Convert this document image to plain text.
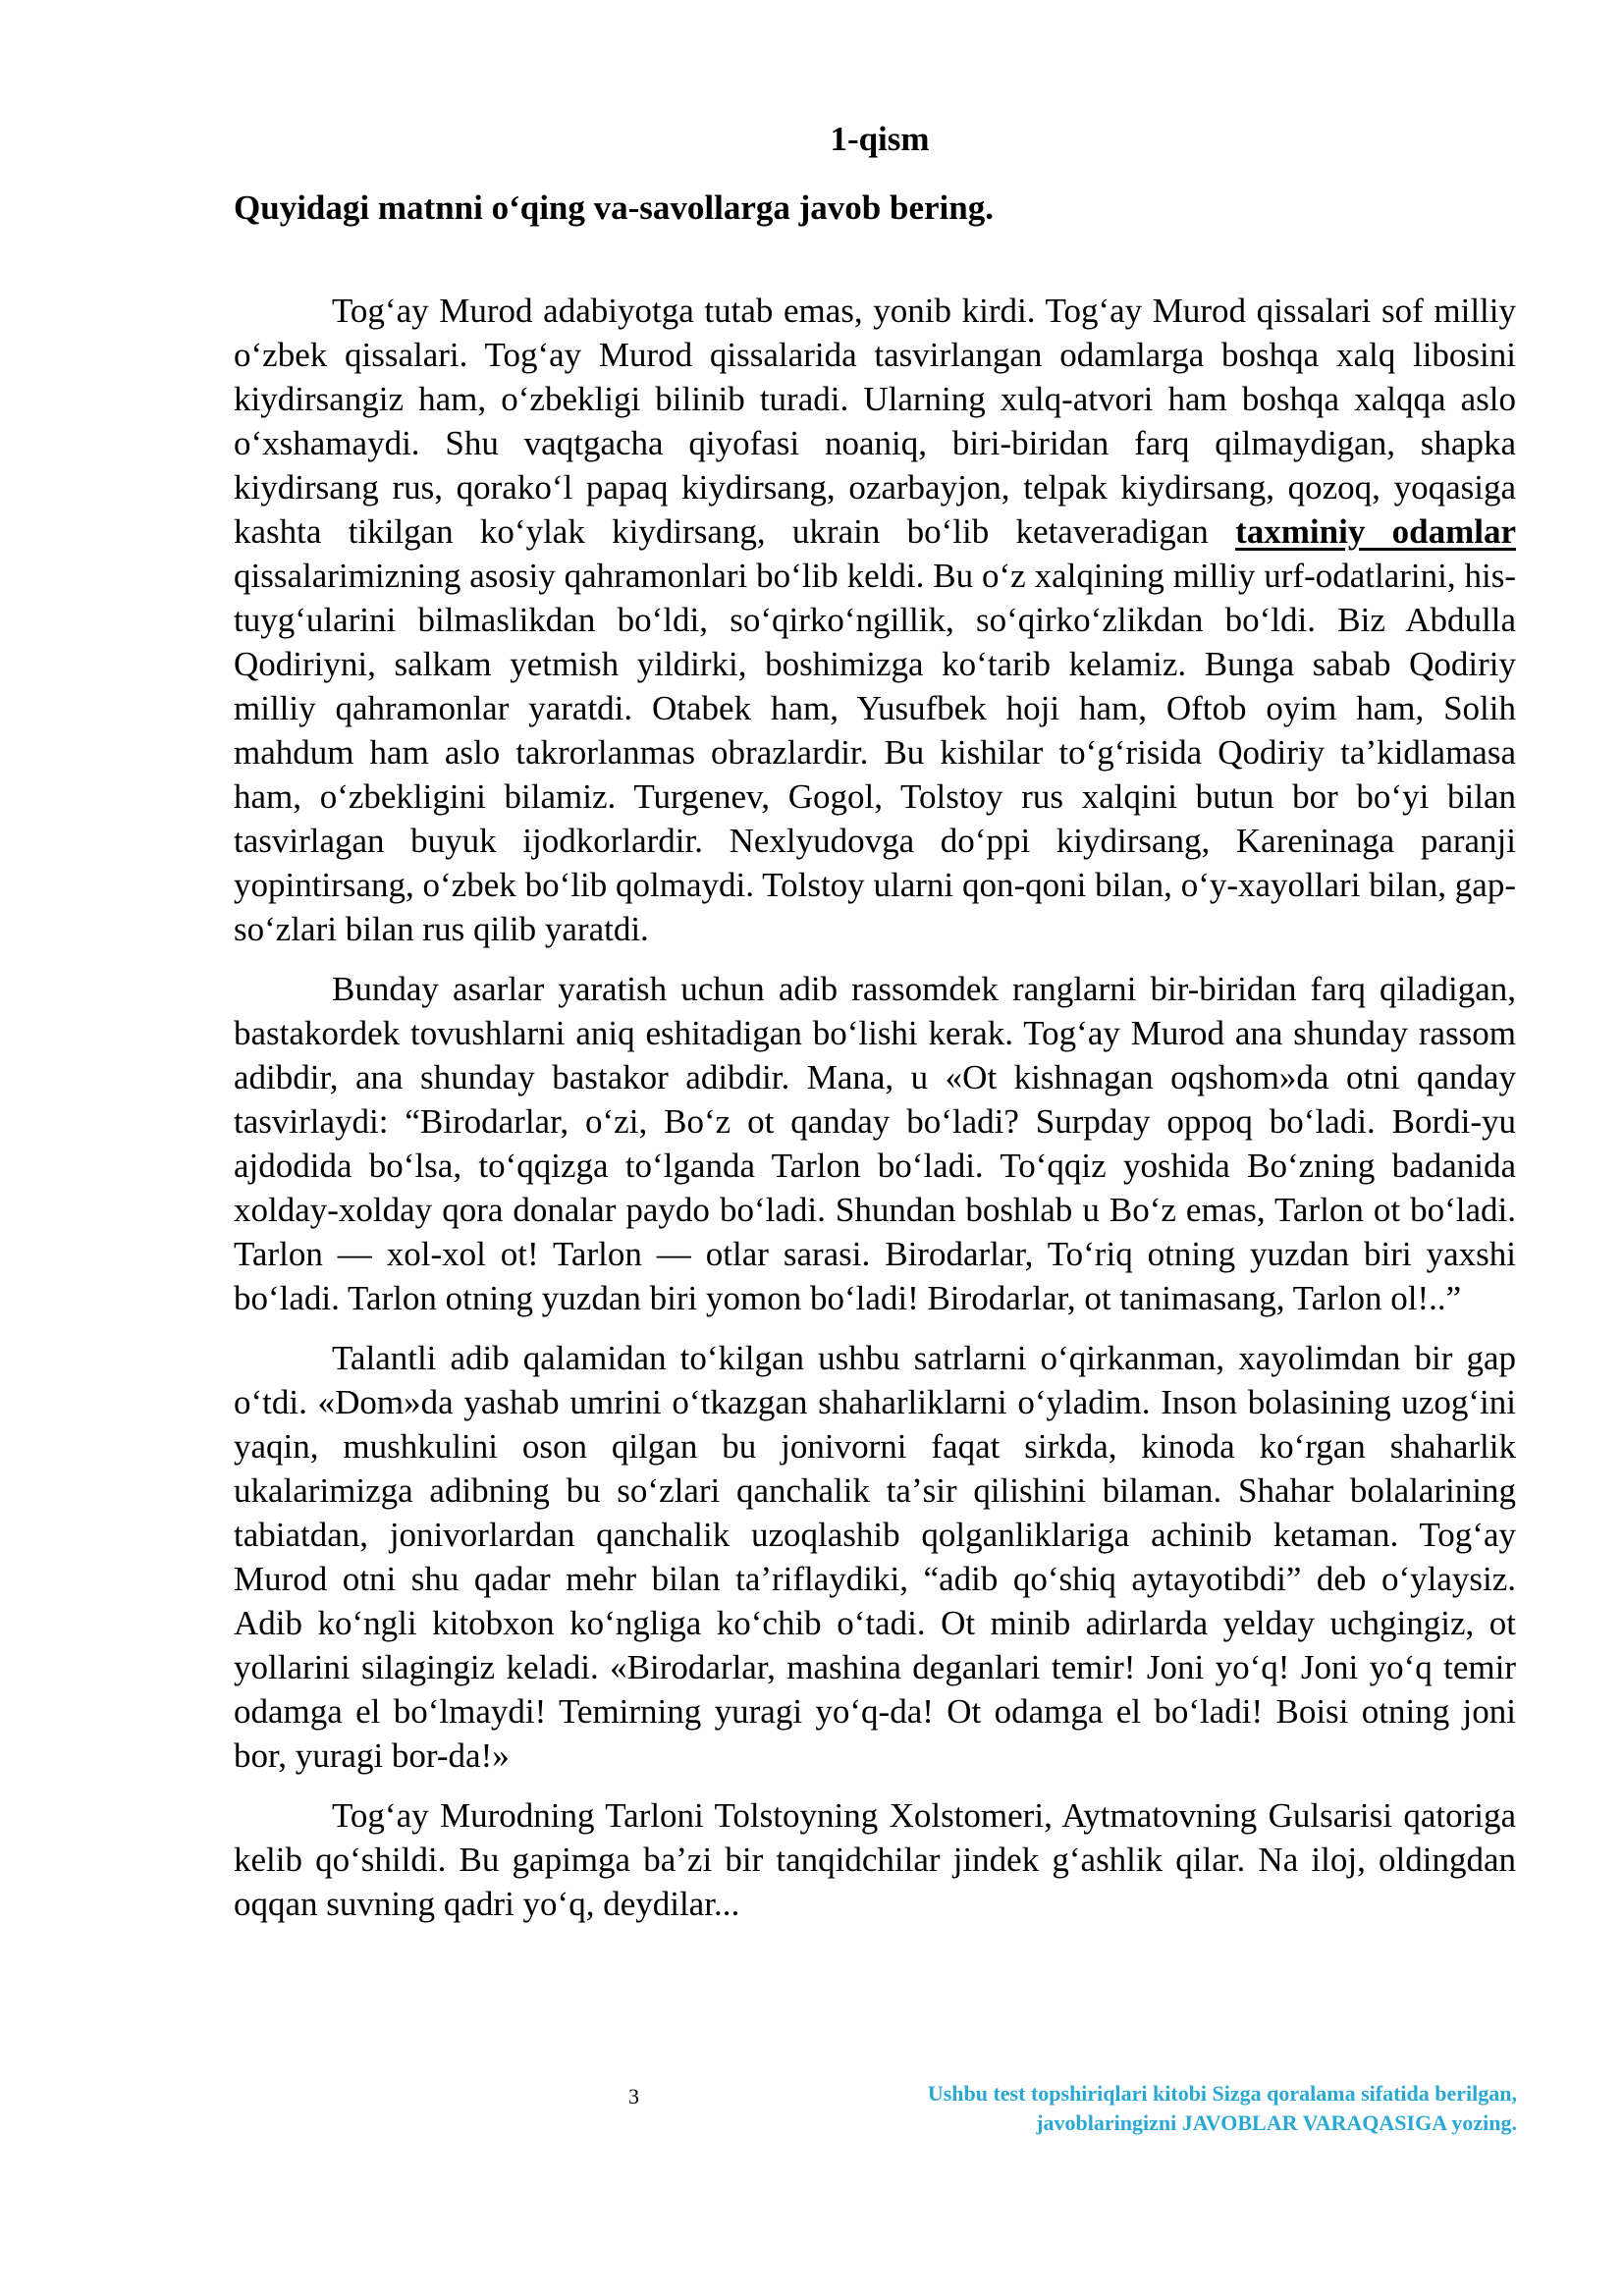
1-qism
Quyidagi matnni oʻqing va-savollarga javob bering.

Togʻay Murod adabiyotga tutab emas, yonib kirdi. Togʻay Murod qissalari sof milliy oʻzbek qissalari. Togʻay Murod qissalarida tasvirlangan odamlarga boshqa xalq libosini kiydirsangiz ham, oʻzbekligi bilinib turadi. Ularning xulq-atvori ham boshqa xalqqa aslo oʻxshamaydi. Shu vaqtgacha qiyofasi noaniq, biri-biridan farq qilmaydigan, shapka kiydirsang rus, qorakoʻl papaq kiydirsang, ozarbayjon, telpak kiydirsang, qozoq, yoqasiga kashta tikilgan koʻylak kiydirsang, ukrain boʻlib ketaveradigan taxminiy odamlar qissalarimizning asosiy qahramonlari boʻlib keldi. Bu oʻz xalqining milliy urf-odatlarini, his-tuygʻularini bilmaslikdan boʻldi, soʻqirkoʻngillik, soʻqirkoʻzlikdan boʻldi. Biz Abdulla Qodiriyni, salkam yetmish yildirki, boshimizga koʻtarib kelamiz. Bunga sabab Qodiriy milliy qahramonlar yaratdi. Otabek ham, Yusufbek hoji ham, Oftob oyim ham, Solih mahdum ham aslo takrorlanmas obrazlardir. Bu kishilar toʻgʻrisida Qodiriy taʼkidlamasa ham, oʻzbekligini bilamiz. Turgenev, Gogol, Tolstoy rus xalqini butun bor boʻyi bilan tasvirlagan buyuk ijodkorlardir. Nexlyudovga doʻppi kiydirsang, Kareninaga paranji yopintirsang, oʻzbek boʻlib qolmaydi. Tolstoy ularni qon-qoni bilan, oʻy-xayollari bilan, gap-soʻzlari bilan rus qilib yaratdi.

Bunday asarlar yaratish uchun adib rassomdek ranglarni bir-biridan farq qiladigan, bastakordek tovushlarni aniq eshitadigan boʻlishi kerak. Togʻay Murod ana shunday rassom adibdir, ana shunday bastakor adibdir. Mana, u «Ot kishnagan oqshom»da otni qanday tasvirlaydi: “Birodarlar, oʻzi, Boʻz ot qanday boʻladi? Surpday oppoq boʻladi. Bordi-yu ajdodida boʻlsa, toʻqqizga toʻlganda Tarlon boʻladi. Toʻqqiz yoshida Boʻzning badanida xolday-xolday qora donalar paydo boʻladi. Shundan boshlab u Boʻz emas, Tarlon ot boʻladi. Tarlon — xol-xol ot! Tarlon — otlar sarasi. Birodarlar, Toʻriq otning yuzdan biri yaxshi boʻladi. Tarlon otning yuzdan biri yomon boʻladi! Birodarlar, ot tanimasang, Tarlon ol!..”

Talantli adib qalamidan toʻkilgan ushbu satrlarni oʻqirkanman, xayolimdan bir gap oʻtdi. «Dom»da yashab umrini oʻtkazgan shaharliklarni oʻyladim. Inson bolasining uzogʻini yaqin, mushkulini oson qilgan bu jonivorni faqat sirkda, kinoda koʻrgan shaharlik ukalarimizga adibning bu soʻzlari qanchalik taʼsir qilishini bilaman. Shahar bolalarining tabiatdan, jonivorlardan qanchalik uzoqlashib qolganliklariga achinib ketaman. Togʻay Murod otni shu qadar mehr bilan taʼriflaydiki, “adib qoʻshiq aytayotibdi” deb oʻylaysiz. Adib koʻngli kitobxon koʻngliga koʻchib oʻtadi. Ot minib adirlarda yelday uchgingiz, ot yollarini silagingiz keladi. «Birodarlar, mashina deganlari temir! Joni yoʻq! Joni yoʻq temir odamga el boʻlmaydi! Temirning yuragi yoʻq-da! Ot odamga el boʻladi! Boisi otning joni bor, yuragi bor-da!»

Togʻay Murodning Tarloni Tolstoyning Xolstomeri, Aytmatovning Gulsarisi qatoriga kelib qoʻshildi. Bu gapimga baʼzi bir tanqidchilar jindek gʻashlik qilar. Na iloj, oldingdan oqqan suvning qadri yoʻq, deydilar...

3	Ushbu test topshiriqlari kitobi Sizga qoralama sifatida berilgan,
javoblaringizni JAVOBLAR VARAQASIGA yozing.
